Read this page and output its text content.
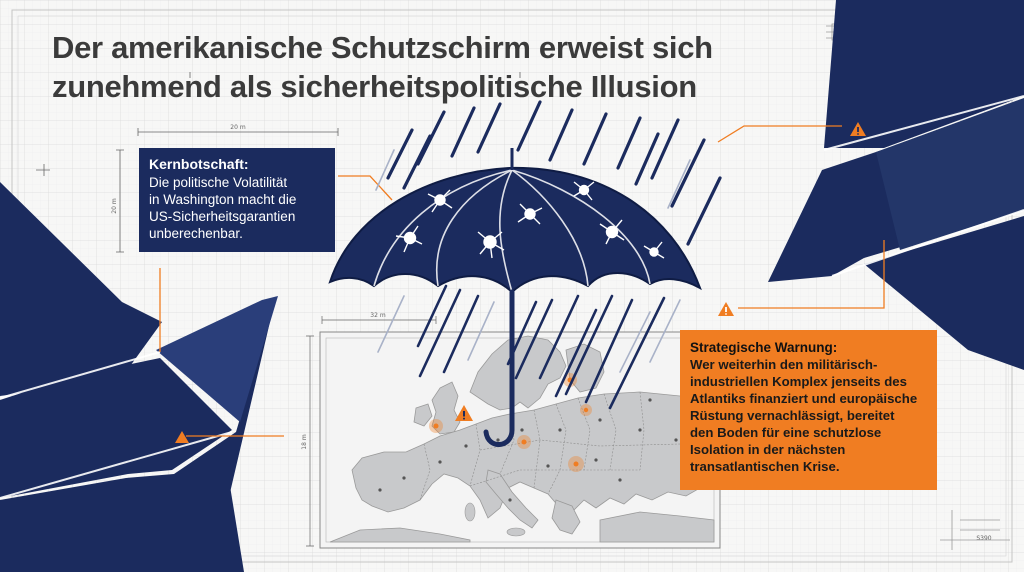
20 m
20 m
32 m
18 m
S390
Der amerikanische Schutzschirm erweist sich
zunehmend als sicherheitspolitische Illusion
Kernbotschaft:
Die politische Volatilität
in Washington macht die
US-Sicherheitsgarantien
unberechenbar.
Strategische Warnung:
Wer weiterhin den militärisch-
industriellen Komplex jenseits des
Atlantiks finanziert und europäische
Rüstung vernachlässigt, bereitet
den Boden für eine schutzlose
Isolation in der nächsten
transatlantischen Krise.
